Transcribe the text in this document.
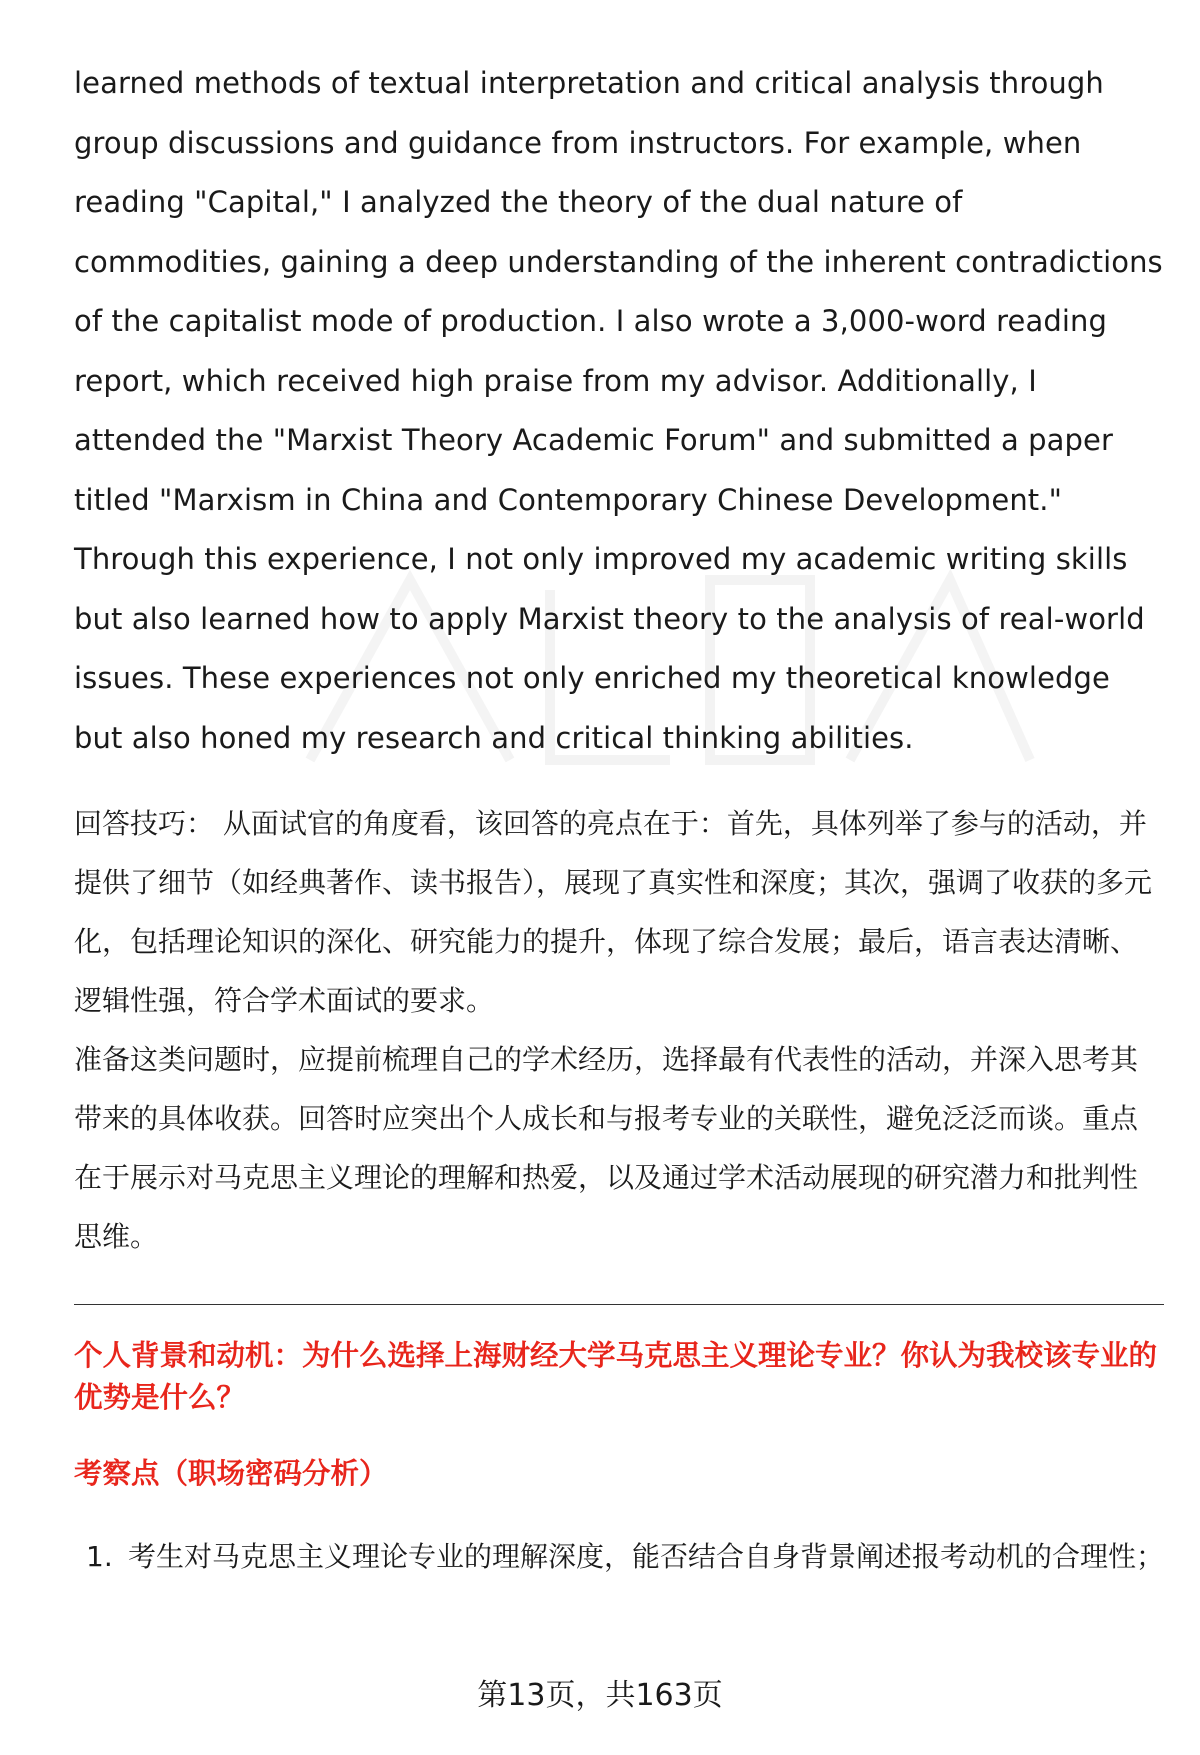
learned methods of textual interpretation and critical analysis through group discussions and guidance from instructors. For example, when reading "Capital," I analyzed the theory of the dual nature of commodities, gaining a deep understanding of the inherent contradictions of the capitalist mode of production. I also wrote a 3,000-word reading report, which received high praise from my advisor. Additionally, I attended the "Marxist Theory Academic Forum" and submitted a paper titled "Marxism in China and Contemporary Chinese Development." Through this experience, I not only improved my academic writing skills but also learned how to apply Marxist theory to the analysis of real-world issues. These experiences not only enriched my theoretical knowledge but also honed my research and critical thinking abilities.

回答技巧： 从面试官的角度看，该回答的亮点在于：首先，具体列举了参与的活动，并提供了细节（如经典著作、读书报告），展现了真实性和深度；其次，强调了收获的多元化，包括理论知识的深化、研究能力的提升，体现了综合发展；最后，语言表达清晰、逻辑性强，符合学术面试的要求。

准备这类问题时，应提前梳理自己的学术经历，选择最有代表性的活动，并深入思考其带来的具体收获。回答时应突出个人成长和与报考专业的关联性，避免泛泛而谈。重点在于展示对马克思主义理论的理解和热爱，以及通过学术活动展现的研究潜力和批判性思维。

个人背景和动机：为什么选择上海财经大学马克思主义理论专业？你认为我校该专业的优势是什么？

考察点（职场密码分析）

1. 考生对马克思主义理论专业的理解深度，能否结合自身背景阐述报考动机的合理性；
第13页，共163页
